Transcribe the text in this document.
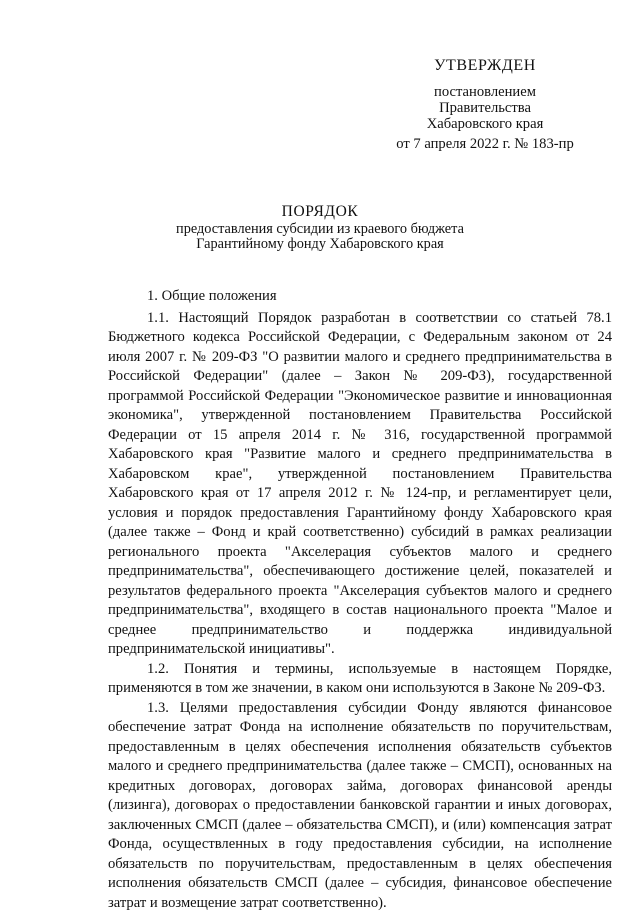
УТВЕРЖДЕН
постановлением
Правительства
Хабаровского края
от 7 апреля 2022 г. № 183-пр
ПОРЯДОК
предоставления субсидии из краевого бюджета
Гарантийному фонду Хабаровского края

1. Общие положения

1.1. Настоящий Порядок разработан в соответствии со статьей 78.1 Бюджетного кодекса Российской Федерации, с Федеральным законом от 24 июля 2007 г. № 209-ФЗ "О развитии малого и среднего предпринимательства в Российской Федерации" (далее – Закон № 209-ФЗ), государственной программой Российской Федерации "Экономическое развитие и инновационная экономика", утвержденной постановлением Правительства Российской Федерации от 15 апреля 2014 г. № 316, государственной программой Хабаровского края "Развитие малого и среднего предпринимательства в Хабаровском крае", утвержденной постановлением Правительства Хабаровского края от 17 апреля 2012 г. № 124-пр, и регламентирует цели, условия и порядок предоставления Гарантийному фонду Хабаровского края (далее также – Фонд и край соответственно) субсидий в рамках реализации регионального проекта "Акселерация субъектов малого и среднего предпринимательства", обеспечивающего достижение целей, показателей и результатов федерального проекта "Акселерация субъектов малого и среднего предпринимательства", входящего в состав национального проекта "Малое и среднее предпринимательство и поддержка индивидуальной предпринимательской инициативы".

1.2. Понятия и термины, используемые в настоящем Порядке, применяются в том же значении, в каком они используются в Законе № 209-ФЗ.

1.3. Целями предоставления субсидии Фонду являются финансовое обеспечение затрат Фонда на исполнение обязательств по поручительствам, предоставленным в целях обеспечения исполнения обязательств субъектов малого и среднего предпринимательства (далее также – СМСП), основанных на кредитных договорах, договорах займа, договорах финансовой аренды (лизинга), договорах о предоставлении банковской гарантии и иных договорах, заключенных СМСП (далее – обязательства СМСП), и (или) компенсация затрат Фонда, осуществленных в году предоставления субсидии, на исполнение обязательств по поручительствам, предоставленным в целях обеспечения исполнения обязательств СМСП (далее – субсидия, финансовое обеспечение затрат и возмещение затрат соответственно).
